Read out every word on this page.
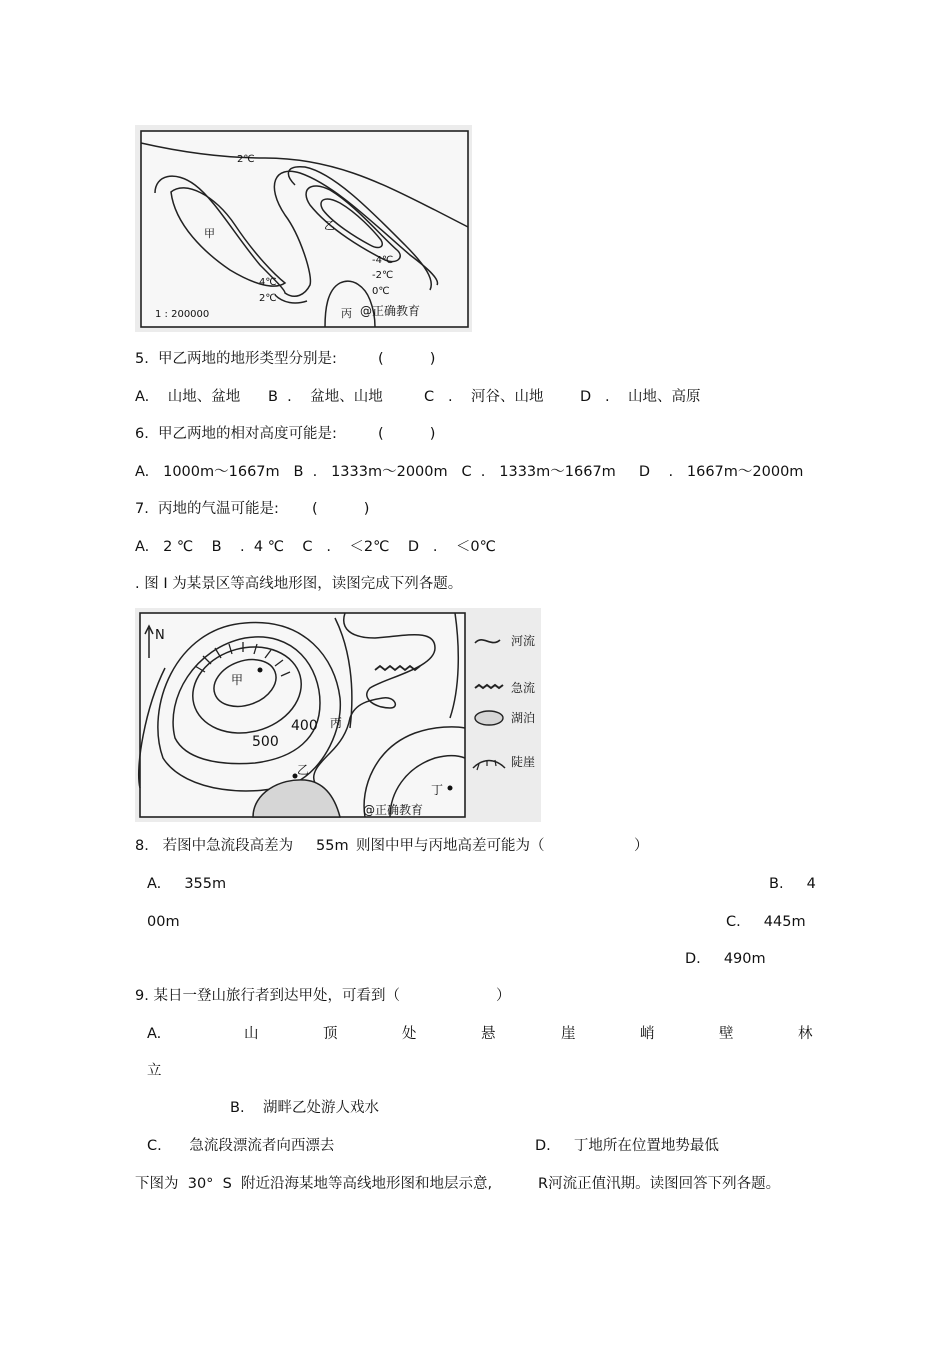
2℃
甲
乙
-4℃
-2℃
0℃
4℃
2℃
1 : 200000	丙 @正确教育
5.  甲乙两地的地形类型分别是:	(          )
A.    山地、盆地 B  .    盆地、山地	C   .    河谷、山地	D   .    山地、高原
6.  甲乙两地的相对高度可能是:	(          )
A.   1000m～1667m   B  .   1333m～2000m   C  .   1333m～1667m     D    .   1667m～2000m
7.  丙地的气温可能是: (          )
A.   2 ℃    B    .  4 ℃    C   .    ＜2℃    D   .    ＜0℃
. 图 I 为某景区等高线地形图，读图完成下列各题。
N
甲
400
500
丙
乙
丁
@正确教育
河流
急流
湖泊
陡崖
8.   若图中急流段高差为 55m 则图中甲与丙地高差可能为（	）
A.     355m	B.     4
00m	C.     445m
D.     490m
9. 某日一登山旅行者到达甲处，可看到（	）
A.	山	顶	处	悬	崖	峭	壁	林
立
B.    湖畔乙处游人戏水
C.      急流段漂流者向西漂去	D.     丁地所在位置地势最低
下图为  30°  S  附近沿海某地等高线地形图和地层示意,	R河流正值汛期。读图回答下列各题。
